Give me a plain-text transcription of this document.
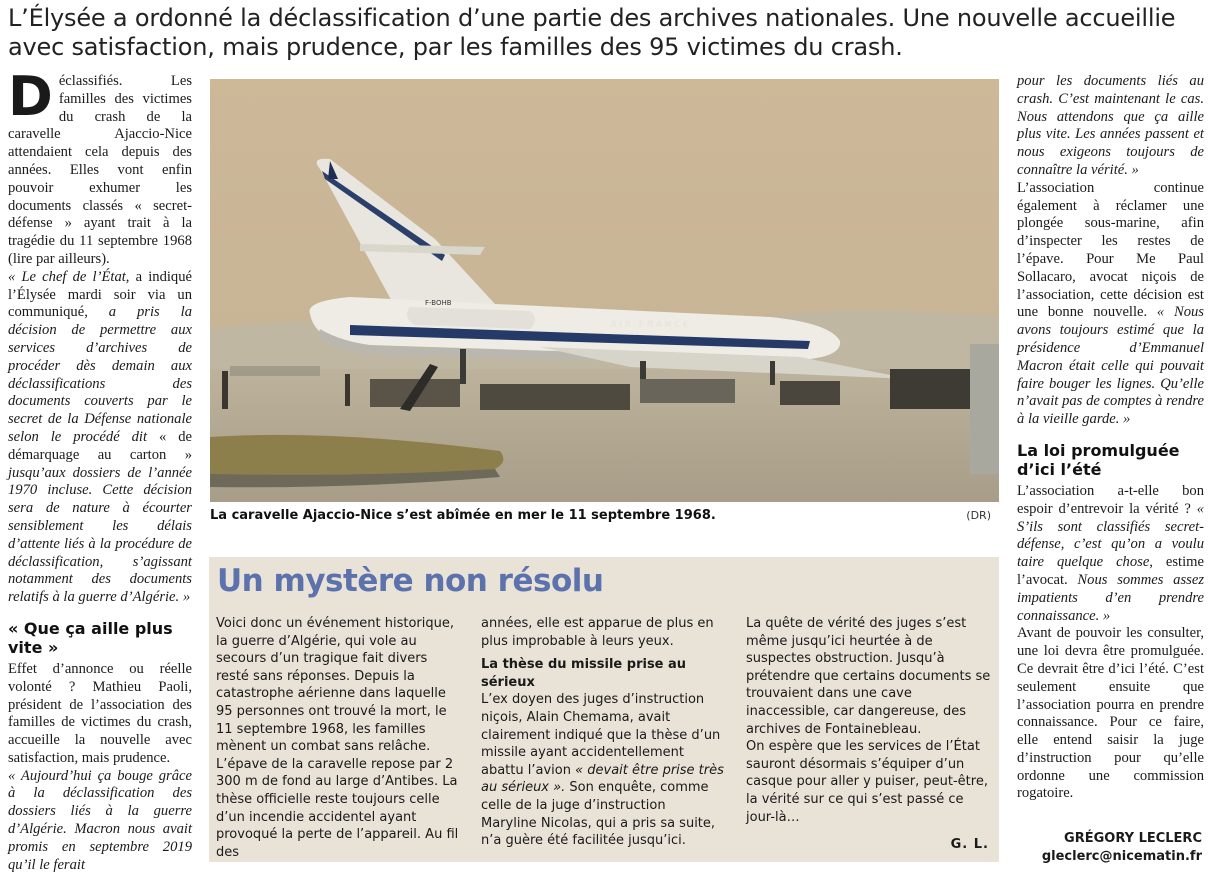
L’Élysée a ordonné la déclassification d’une partie des archives nationales. Une nouvelle accueillie avec satisfaction, mais prudence, par les familles des 95 victimes du crash.

Déclassifiés. Les familles des victimes du crash de la caravelle Ajaccio-Nice attendaient cela depuis des années. Elles vont enfin pouvoir exhumer les documents classés « secret-défense » ayant trait à la tragédie du 11 septembre 1968 (lire par ailleurs).

« Le chef de l’État, a indiqué l’Élysée mardi soir via un communiqué, a pris la décision de permettre aux services d’archives de procéder dès demain aux déclassifications des documents couverts par le secret de la Défense nationale selon le procédé dit « de démarquage au carton » jusqu’aux dossiers de l’année 1970 incluse. Cette décision sera de nature à écourter sensiblement les délais d’attente liés à la procédure de déclassification, s’agissant notamment des documents relatifs à la guerre d’Algérie. »

« Que ça aille plus vite »

Effet d’annonce ou réelle volonté ? Mathieu Paoli, président de l’association des familles de victimes du crash, accueille la nouvelle avec satisfaction, mais prudence.

« Aujourd’hui ça bouge grâce à la déclassification des dossiers liés à la guerre d’Algérie. Macron nous avait promis en septembre 2019 qu’il le ferait

F-BOHB
AIR FRANCE
La caravelle Ajaccio-Nice s’est abîmée en mer le 11 septembre 1968.	(DR)
Un mystère non résolu

Voici donc un événement historique, la guerre d’Algérie, qui vole au secours d’un tragique fait divers resté sans réponses. Depuis la catastrophe aérienne dans laquelle 95 personnes ont trouvé la mort, le 11 septembre 1968, les familles mènent un combat sans relâche.

L’épave de la caravelle repose par 2 300 m de fond au large d’Antibes. La thèse officielle reste toujours celle d’un incendie accidentel ayant provoqué la perte de l’appareil. Au fil des

années, elle est apparue de plus en plus improbable à leurs yeux.

La thèse du missile prise au sérieux

L’ex doyen des juges d’instruction niçois, Alain Chemama, avait clairement indiqué que la thèse d’un missile ayant accidentellement abattu l’avion « devait être prise très au sérieux ». Son enquête, comme celle de la juge d’instruction Maryline Nicolas, qui a pris sa suite, n’a guère été facilitée jusqu’ici.

La quête de vérité des juges s’est même jusqu’ici heurtée à de suspectes obstruction. Jusqu’à prétendre que certains documents se trouvaient dans une cave inaccessible, car dangereuse, des archives de Fontainebleau.

On espère que les services de l’État sauront désormais s’équiper d’un casque pour aller y puiser, peut-être, la vérité sur ce qui s’est passé ce jour-là…

G. L.

pour les documents liés au crash. C’est maintenant le cas. Nous attendons que ça aille plus vite. Les années passent et nous exigeons toujours de connaître la vérité. »

L’association continue également à réclamer une plongée sous-marine, afin d’inspecter les restes de l’épave. Pour Me Paul Sollacaro, avocat niçois de l’association, cette décision est une bonne nouvelle. « Nous avons toujours estimé que la présidence d’Emmanuel Macron était celle qui pouvait faire bouger les lignes. Qu’elle n’avait pas de comptes à rendre à la vieille garde. »

La loi promulguée d’ici l’été

L’association a-t-elle bon espoir d’entrevoir la vérité ? « S’ils sont classifiés secret-défense, c’est qu’on a voulu taire quelque chose, estime l’avocat. Nous sommes assez impatients d’en prendre connaissance. »

Avant de pouvoir les consulter, une loi devra être promulguée. Ce devrait être d’ici l’été. C’est seulement ensuite que l’association pourra en prendre connaissance. Pour ce faire, elle entend saisir la juge d’instruction pour qu’elle ordonne une commission rogatoire.

GRÉGORY LECLERC
gleclerc@nicematin.fr
